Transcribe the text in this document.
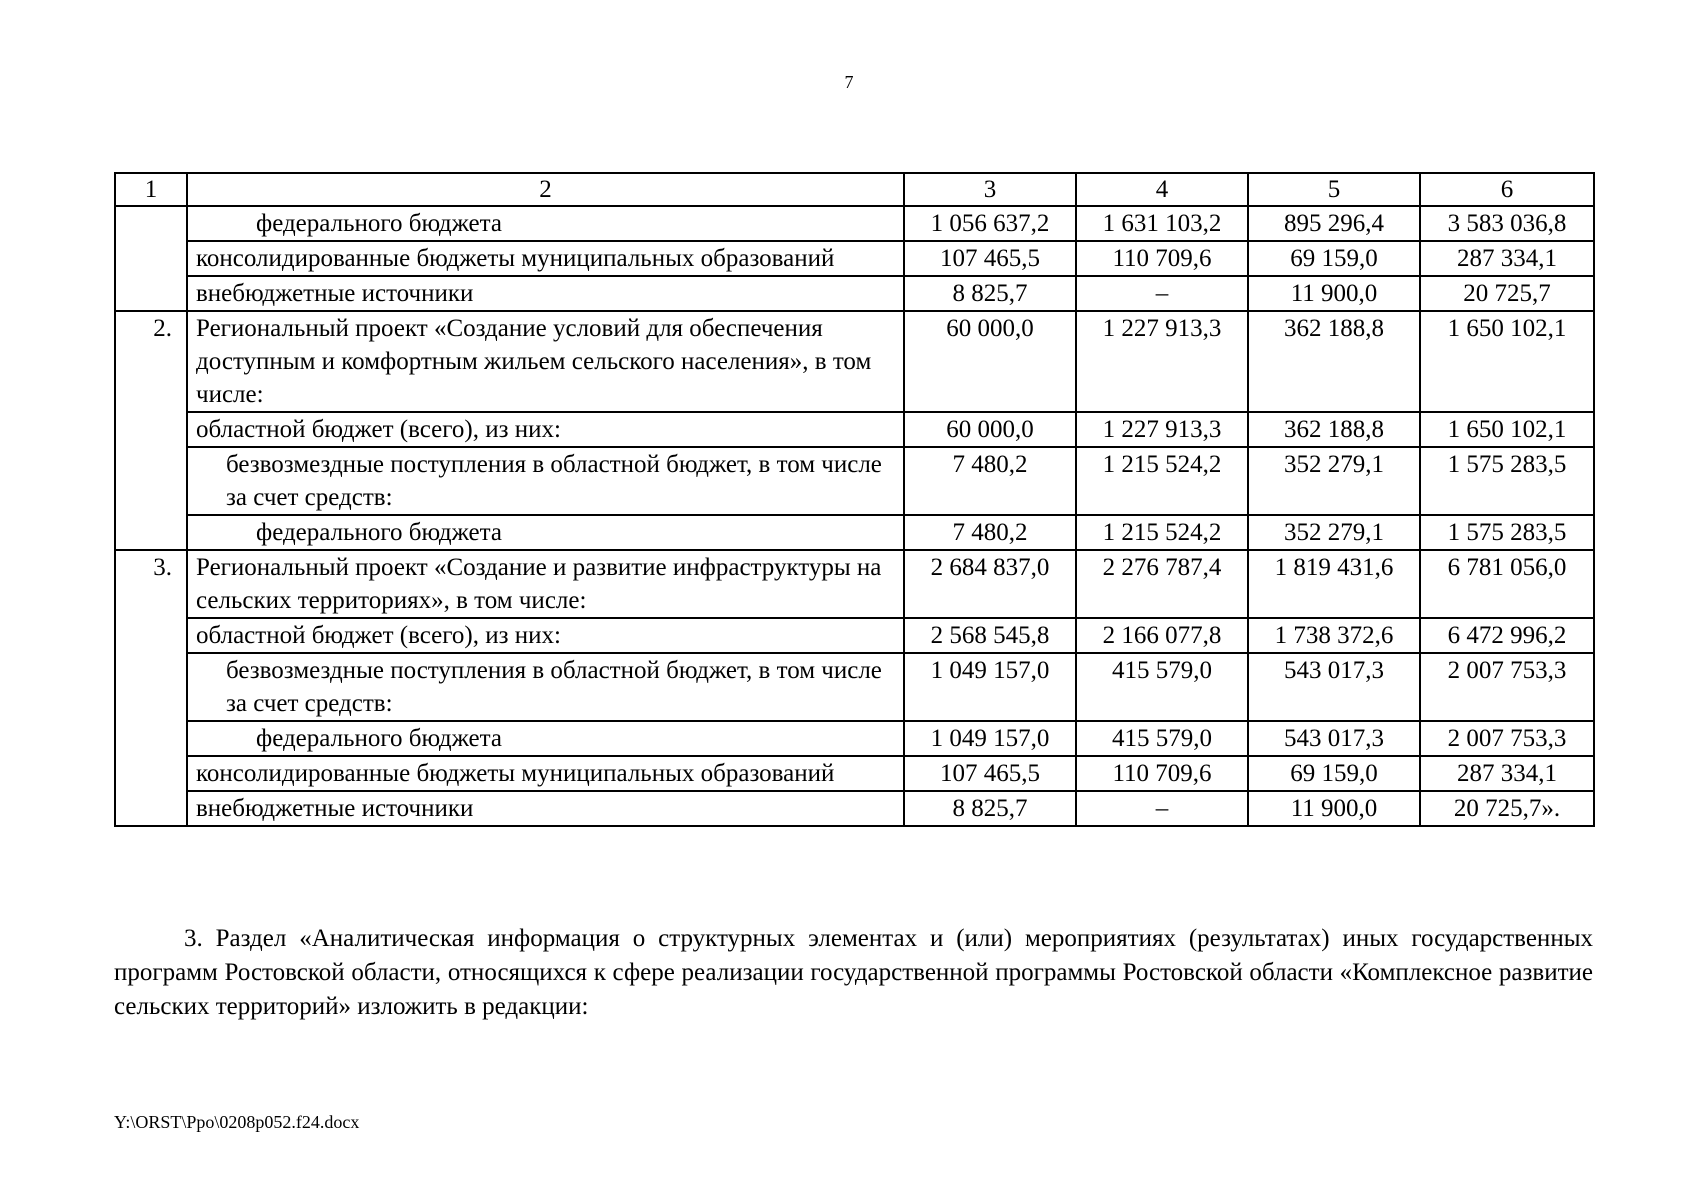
7
1	2	3	4	5	6
	федерального бюджета	1 056 637,2	1 631 103,2	895 296,4	3 583 036,8
	консолидированные бюджеты муниципальных образований	107 465,5	110 709,6	69 159,0	287 334,1
	внебюджетные источники	8 825,7	–	11 900,0	20 725,7
2.	Региональный проект «Создание условий для обеспечения доступным и комфортным жильем сельского населения», в том числе:	60 000,0	1 227 913,3	362 188,8	1 650 102,1
	областной бюджет (всего), из них:	60 000,0	1 227 913,3	362 188,8	1 650 102,1
	безвозмездные поступления в областной бюджет, в том числе за счет средств:	7 480,2	1 215 524,2	352 279,1	1 575 283,5
	федерального бюджета	7 480,2	1 215 524,2	352 279,1	1 575 283,5
3.	Региональный проект «Создание и развитие инфраструктуры на сельских территориях», в том числе:	2 684 837,0	2 276 787,4	1 819 431,6	6 781 056,0
	областной бюджет (всего), из них:	2 568 545,8	2 166 077,8	1 738 372,6	6 472 996,2
	безвозмездные поступления в областной бюджет, в том числе за счет средств:	1 049 157,0	415 579,0	543 017,3	2 007 753,3
	федерального бюджета	1 049 157,0	415 579,0	543 017,3	2 007 753,3
	консолидированные бюджеты муниципальных образований	107 465,5	110 709,6	69 159,0	287 334,1
	внебюджетные источники	8 825,7	–	11 900,0	20 725,7».
3. Раздел «Аналитическая информация о структурных элементах и (или) мероприятиях (результатах) иных государственных программ Ростовской области, относящихся к сфере реализации государственной программы Ростовской области «Комплексное развитие сельских территорий» изложить в редакции:
Y:\ORST\Ppo\0208p052.f24.docx
